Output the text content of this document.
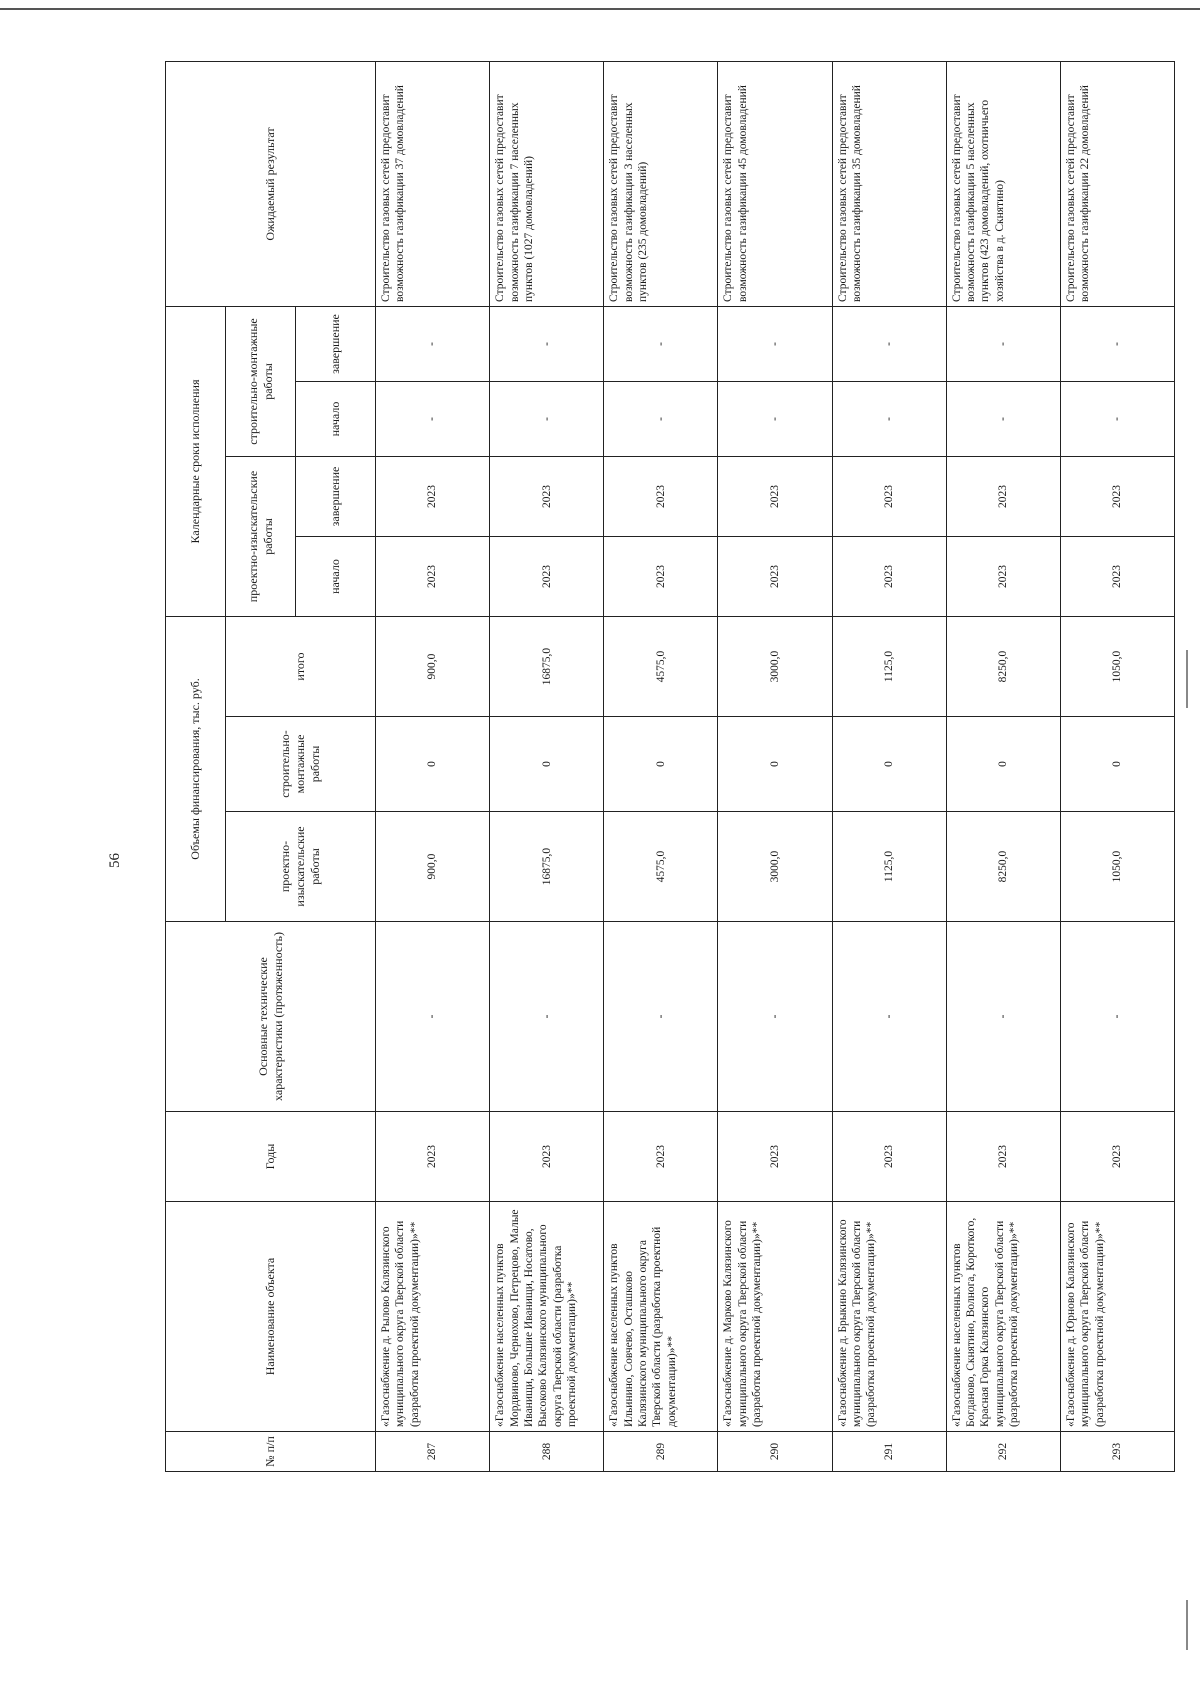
56
№ п/п	Наименование объекта	Годы	Основные технические характеристики (протяженность)	Объемы финансирования, тыс. руб.			Календарные сроки исполнения				Ожидаемый результат
				проектно-изыскательские работы	строительно-монтажные работы	итого	проектно-изыскательские работы		строительно-монтажные работы		
							начало	завершение	начало	завершение	
287	«Газоснабжение д. Рылово Калязинского муниципального округа Тверской области (разработка проектной документации)»**	2023	-	900,0	0	900,0	2023	2023	-	-	Строительство газовых сетей предоставит возможность газификации 37 домовладений
288	«Газоснабжение населенных пунктов Мордвиново, Чернохово, Петрецово, Малые Иванищи, Большие Иванищи, Носатово, Высоково Калязинского муниципального округа Тверской области (разработка проектной документации)»**	2023	-	16875,0	0	16875,0	2023	2023	-	-	Строительство газовых сетей предоставит возможность газификации 7 населенных пунктов (1027 домовладений)
289	«Газоснабжение населенных пунктов Ильинино, Совчево, Осташково Калязинского муниципального округа Тверской области (разработка проектной документации)»**	2023	-	4575,0	0	4575,0	2023	2023	-	-	Строительство газовых сетей предоставит возможность газификации 3 населенных пунктов (235 домовладений)
290	«Газоснабжение д. Марково Калязинского муниципального округа Тверской области (разработка проектной документации)»**	2023	-	3000,0	0	3000,0	2023	2023	-	-	Строительство газовых сетей предоставит возможность газификации 45 домовладений
291	«Газоснабжение д. Брыкино Калязинского муниципального округа Тверской области (разработка проектной документации)»**	2023	-	1125,0	0	1125,0	2023	2023	-	-	Строительство газовых сетей предоставит возможность газификации 35 домовладений
292	«Газоснабжение населенных пунктов Богданово, Скнятино, Волнога, Короткого, Красная Горка Калязинского муниципального округа Тверской области (разработка проектной документации)»**	2023	-	8250,0	0	8250,0	2023	2023	-	-	Строительство газовых сетей предоставит возможность газификации 5 населенных пунктов (423 домовладений, охотничьего хозяйства в д. Скнятино)
293	«Газоснабжение д. Юрново Калязинского муниципального округа Тверской области (разработка проектной документации)»**	2023	-	1050,0	0	1050,0	2023	2023	-	-	Строительство газовых сетей предоставит возможность газификации 22 домовладений
